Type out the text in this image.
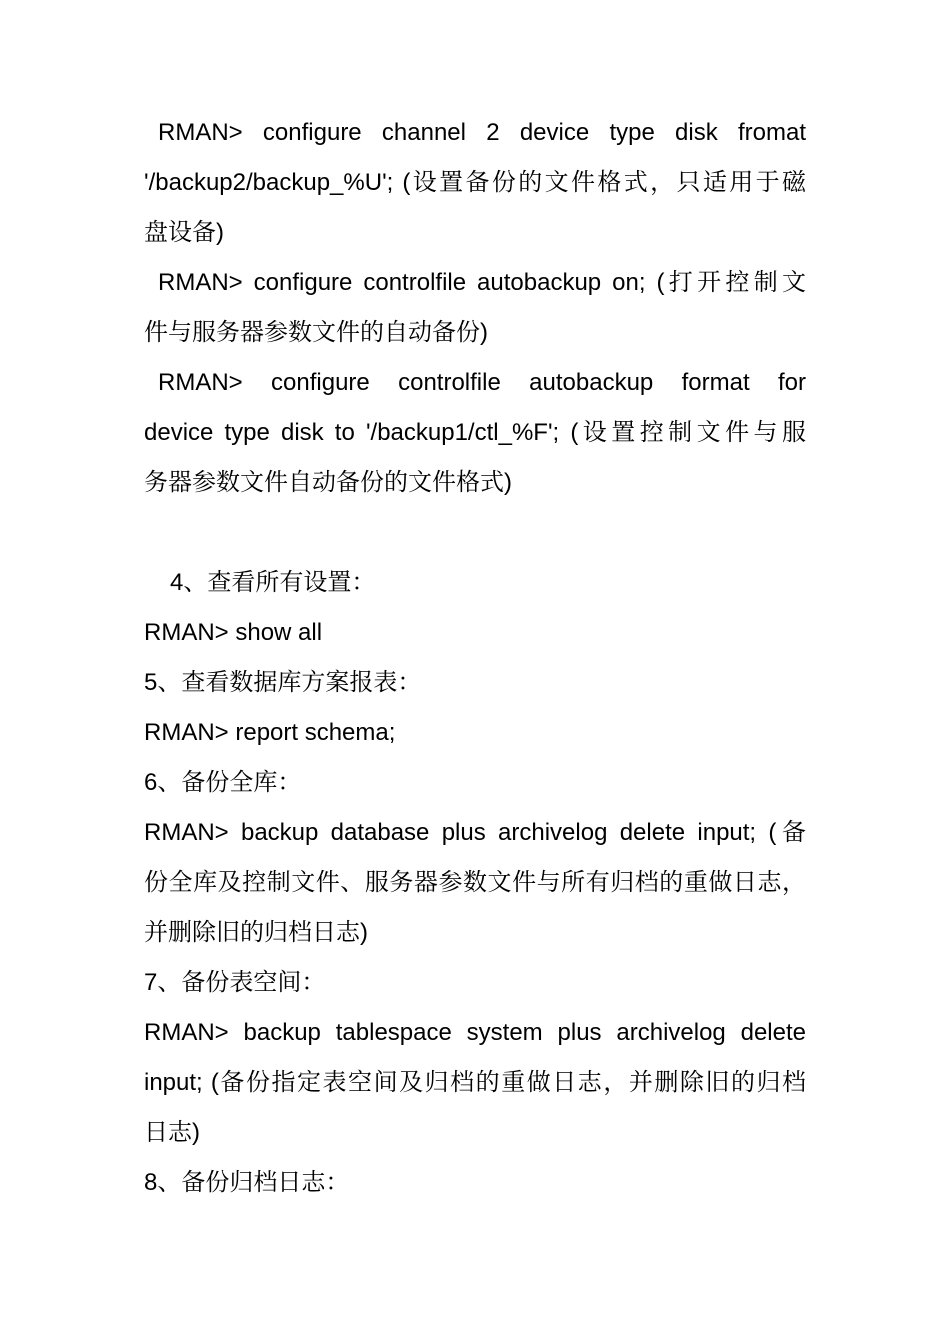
RMAN> configure channel 2 device type disk fromat
'/backup2/backup_%U'; (设置备份的文件格式，只适用于磁
盘设备)
RMAN> configure controlfile autobackup on; (打开控制文
件与服务器参数文件的自动备份)
RMAN> configure controlfile autobackup format for
device type disk to '/backup1/ctl_%F'; (设置控制文件与服
务器参数文件自动备份的文件格式)
4、查看所有设置：
RMAN> show all
5、查看数据库方案报表：
RMAN> report schema;
6、备份全库：
RMAN> backup database plus archivelog delete input; (备
份全库及控制文件、服务器参数文件与所有归档的重做日志，
并删除旧的归档日志)
7、备份表空间：
RMAN> backup tablespace system plus archivelog delete
input; (备份指定表空间及归档的重做日志，并删除旧的归档
日志)
8、备份归档日志：
